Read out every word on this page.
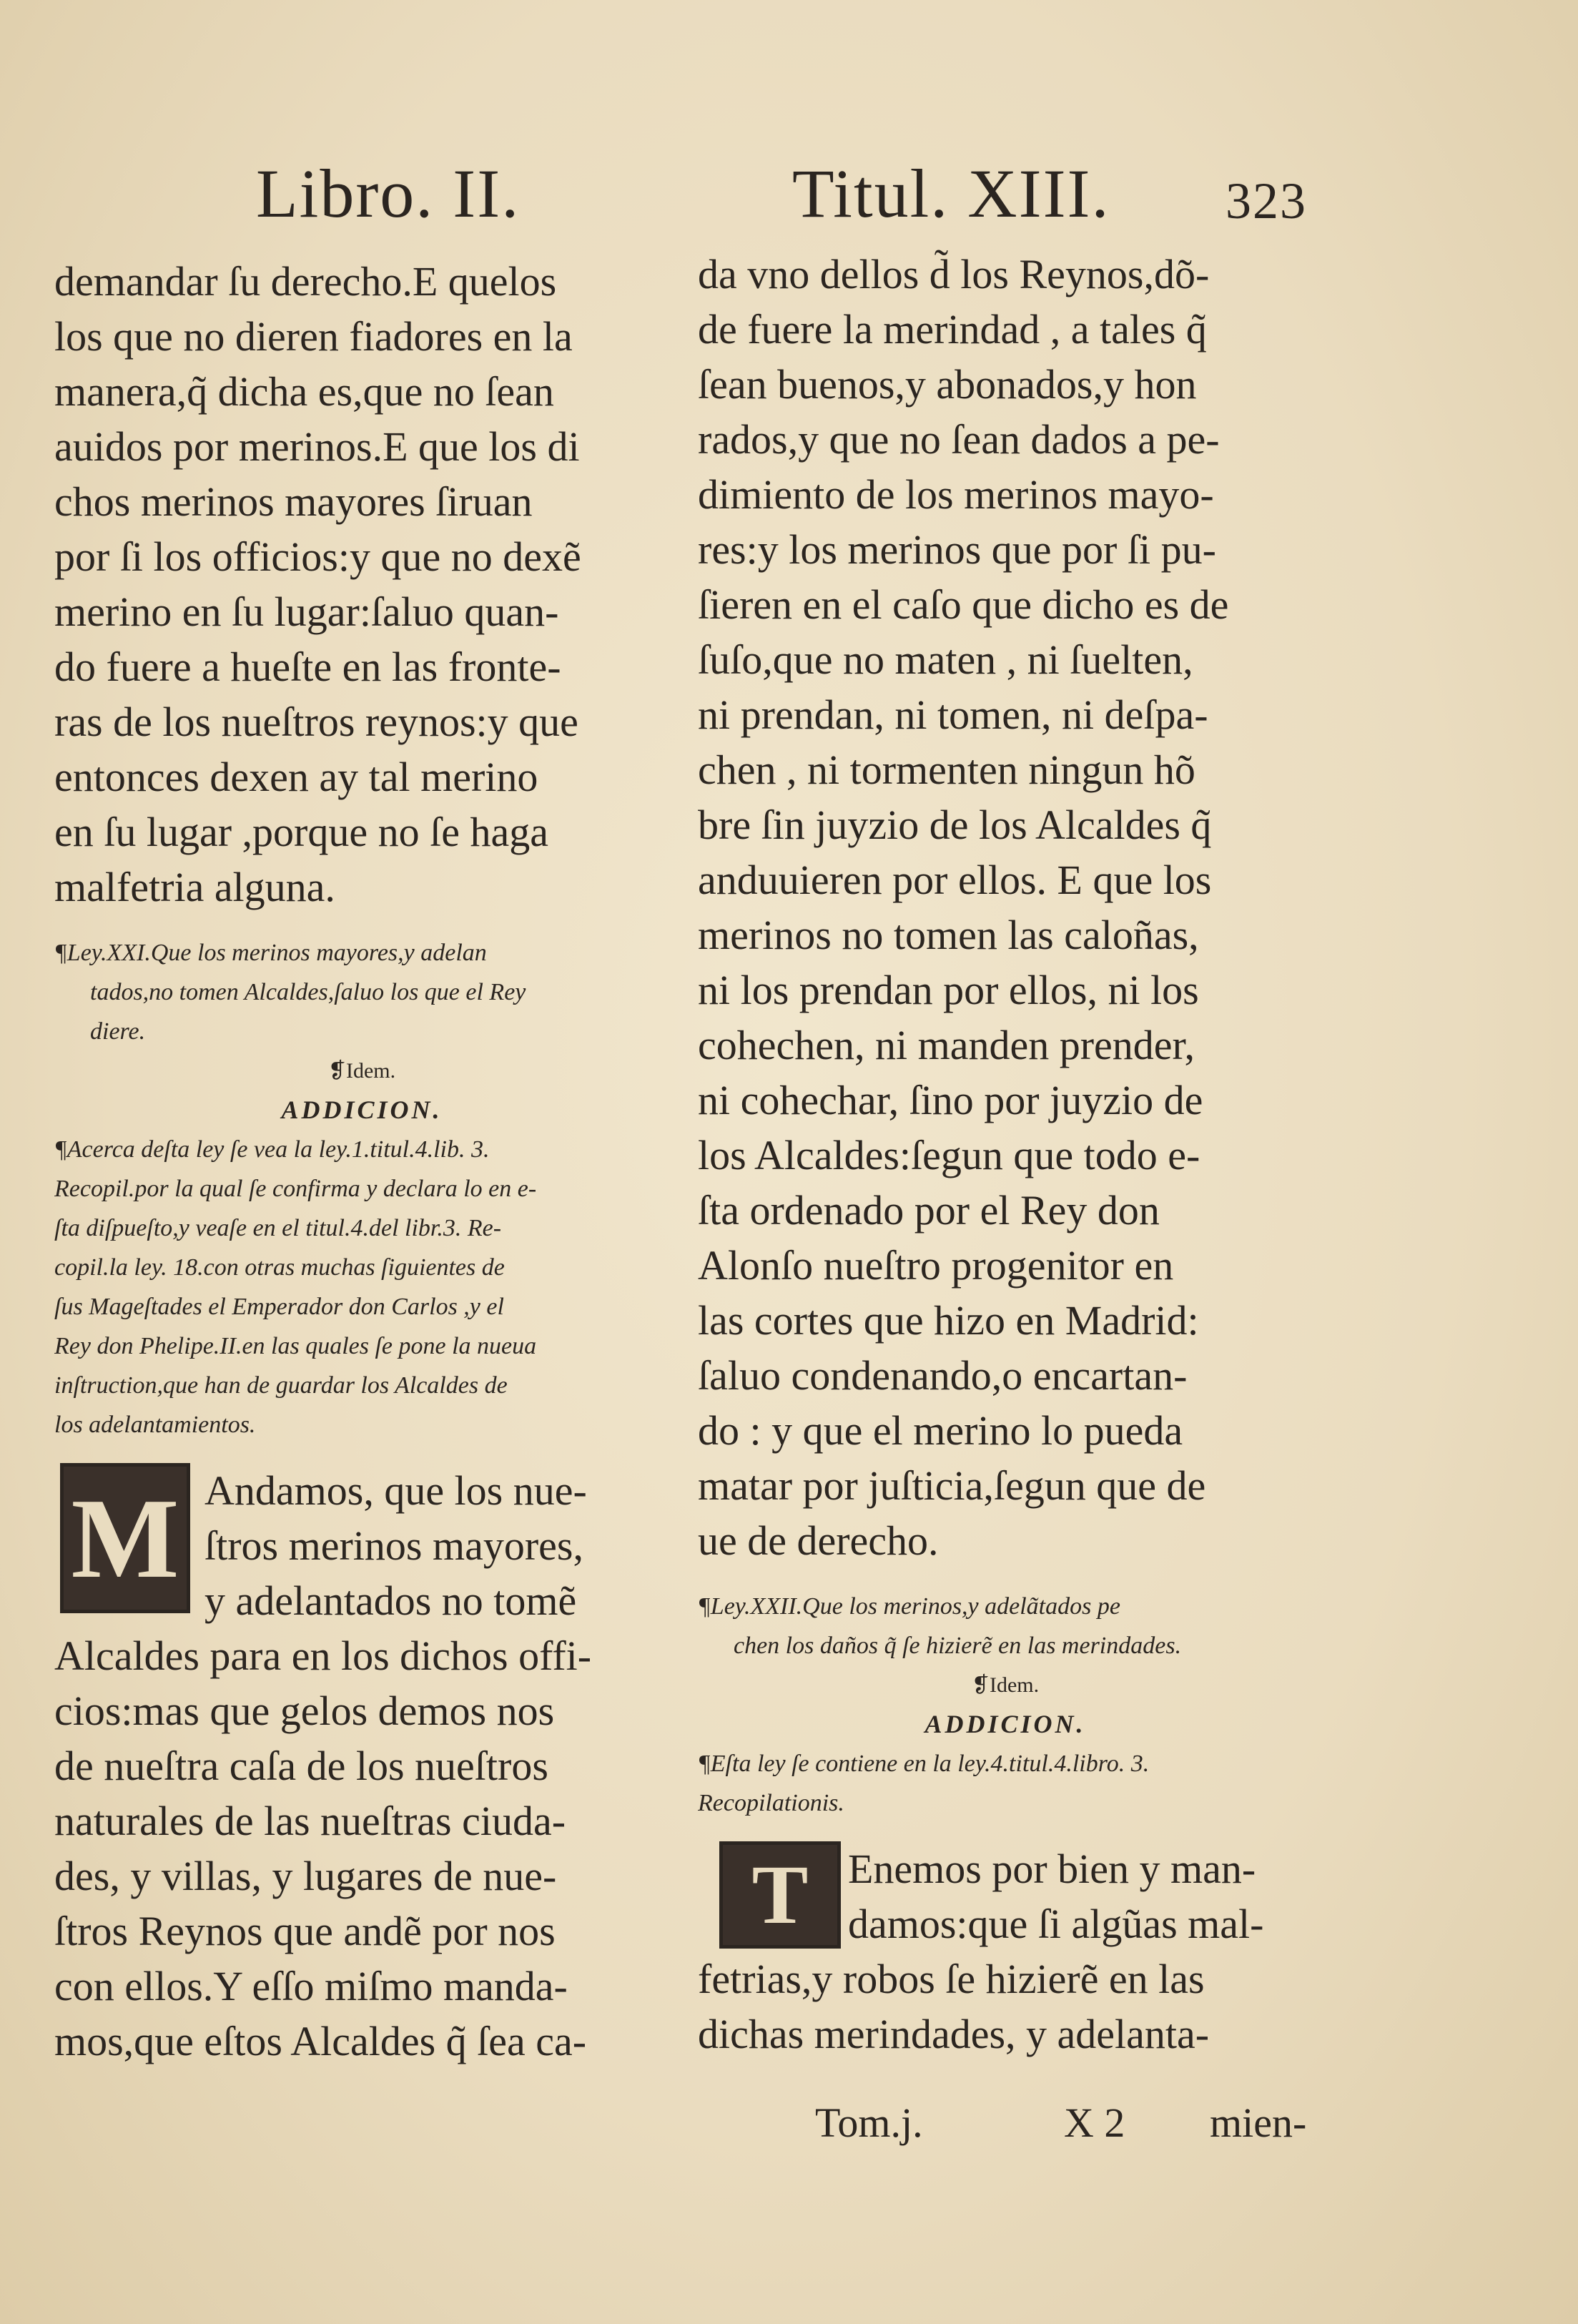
Libro. II.	Titul. XIII. 323
demandar ſu derecho.E quelos
los que no dieren fiadores en la
manera,q̃ dicha es,que no ſean
auidos por merinos.E que los di
chos merinos mayores ſiruan
por ſi los officios:y que no dexẽ
merino en ſu lugar:ſaluo quan-
do fuere a hueſte en las fronte-
ras de los nueſtros reynos:y que
entonces dexen ay tal merino
en ſu lugar ,porque no ſe haga
malfetria alguna.
¶Ley.XXI.Que los merinos mayores,y adelan
tados,no tomen Alcaldes,ſaluo los que el Rey
diere.
❡Idem.
ADDICION.
¶Acerca deſta ley ſe vea la ley.1.titul.4.lib. 3.
Recopil.por la qual ſe confirma y declara lo en e-
ſta diſpueſto,y veaſe en el titul.4.del libr.3. Re-
copil.la ley. 18.con otras muchas ſiguientes de
ſus Mageſtades el Emperador don Carlos ,y el
Rey don Phelipe.II.en las quales ſe pone la nueua
inſtruction,que han de guardar los Alcaldes de
los adelantamientos.
M Andamos, que los nue-
ſtros merinos mayores,
y adelantados no tomẽ
Alcaldes para en los dichos offi-
cios:mas que gelos demos nos
de nueſtra caſa de los nueſtros
naturales de las nueſtras ciuda-
des, y villas, y lugares de nue-
ſtros Reynos que andẽ por nos
con ellos.Y eſſo miſmo manda-
mos,que eſtos Alcaldes q̃ ſea ca-
da vno dellos d̃ los Reynos,dõ-
de fuere la merindad , a tales q̃
ſean buenos,y abonados,y hon
rados,y que no ſean dados a pe-
dimiento de los merinos mayo-
res:y los merinos que por ſi pu-
ſieren en el caſo que dicho es de
ſuſo,que no maten , ni ſuelten,
ni prendan, ni tomen, ni deſpa-
chen , ni tormenten ningun hõ
bre ſin juyzio de los Alcaldes q̃
anduuieren por ellos. E que los
merinos no tomen las caloñas,
ni los prendan por ellos, ni los
cohechen, ni manden prender,
ni cohechar, ſino por juyzio de
los Alcaldes:ſegun que todo e-
ſta ordenado por el Rey don
Alonſo nueſtro progenitor en
las cortes que hizo en Madrid:
ſaluo condenando,o encartan-
do : y que el merino lo pueda
matar por juſticia,ſegun que de
ue de derecho.
¶Ley.XXII.Que los merinos,y adelãtados pe
chen los daños q̃ ſe hizierẽ en las merindades.
❡Idem.
ADDICION.
¶Eſta ley ſe contiene en la ley.4.titul.4.libro. 3.
Recopilationis.
T Enemos por bien y man-
damos:que ſi algũas mal-
fetrias,y robos ſe hizierẽ en las
dichas merindades, y adelanta-
Tom.j.	X 2 mien-
